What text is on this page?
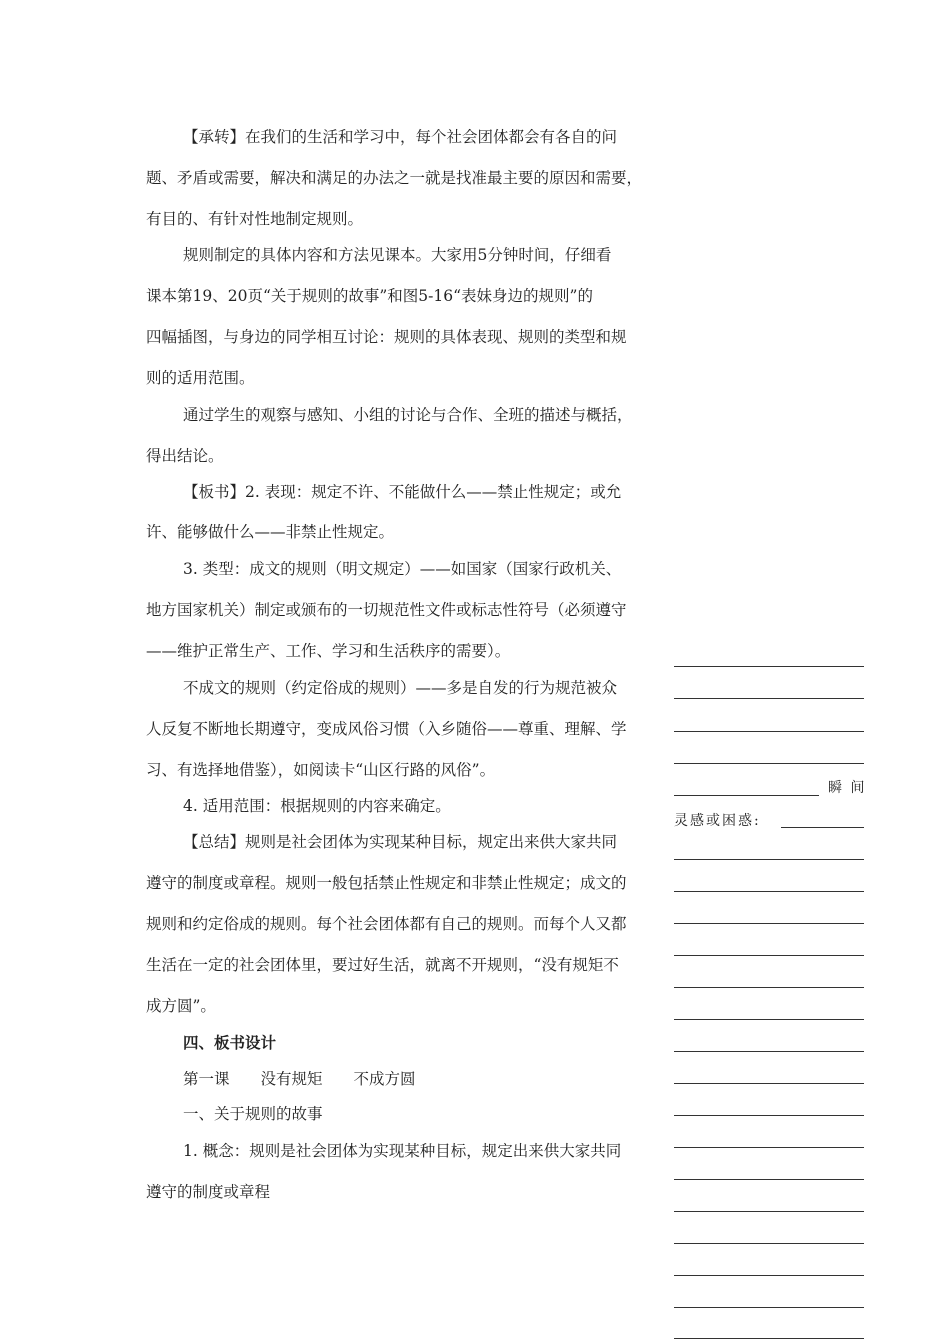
【承转】在我们的生活和学习中，每个社会团体都会有各自的问
题、矛盾或需要，解决和满足的办法之一就是找准最主要的原因和需要，
有目的、有针对性地制定规则。
规则制定的具体内容和方法见课本。大家用5分钟时间，仔细看
课本第19、20页“关于规则的故事”和图5-16“表妹身边的规则”的
四幅插图，与身边的同学相互讨论：规则的具体表现、规则的类型和规
则的适用范围。
通过学生的观察与感知、小组的讨论与合作、全班的描述与概括，
得出结论。
【板书】2. 表现：规定不许、不能做什么——禁止性规定；或允
许、能够做什么——非禁止性规定。
3. 类型：成文的规则（明文规定）——如国家（国家行政机关、
地方国家机关）制定或颁布的一切规范性文件或标志性符号（必须遵守
——维护正常生产、工作、学习和生活秩序的需要）。
不成文的规则（约定俗成的规则）——多是自发的行为规范被众
人反复不断地长期遵守，变成风俗习惯（入乡随俗——尊重、理解、学
习、有选择地借鉴），如阅读卡“山区行路的风俗”。
4. 适用范围：根据规则的内容来确定。
【总结】规则是社会团体为实现某种目标，规定出来供大家共同
遵守的制度或章程。规则一般包括禁止性规定和非禁止性规定；成文的
规则和约定俗成的规则。每个社会团体都有自己的规则。而每个人又都
生活在一定的社会团体里，要过好生活，就离不开规则，“没有规矩不
成方圆”。
四、板书设计
第一课　　没有规矩　　不成方圆
一、关于规则的故事
1. 概念：规则是社会团体为实现某种目标，规定出来供大家共同
遵守的制度或章程
瞬 间
灵感或困惑:
